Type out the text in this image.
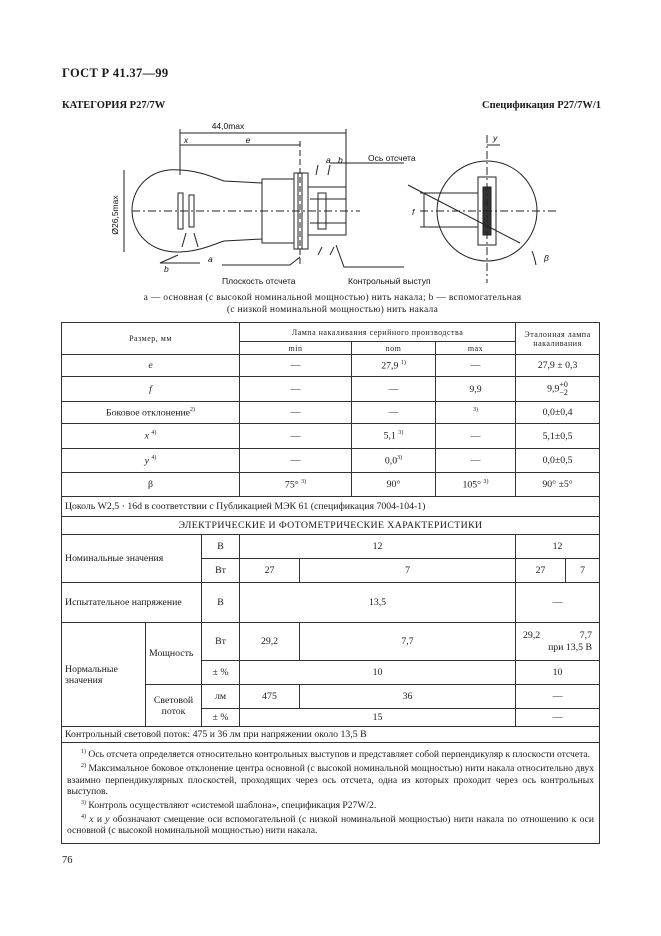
ГОСТ Р 41.37—99
КАТЕГОРИЯ Р27/7W	Спецификация Р27/7W/1
44,0max
x	e
Ø26,5max
a b
b
a
Ось отсчета
Плоскость отсчета	Контрольный выступ
y
f
β
a — основная (с высокой номинальной мощностью) нить накала; b — вспомогательная
(с низкой номинальной мощностью) нить накала
Размер, мм			Лампа накаливания серийного производства				Эталонная лампа накаливания	
			min		nom	max		
e			—		27,9 $^{1)}$	—	27,9 ± 0,3	
f			—		—	9,9	9,9+0
−2	
Боковое отклонение$^{2)}$			—		—	$^{3)}$	0,0±0,4	
x $^{4)}$			—		5,1 $^{3)}$	—	5,1±0,5	
y $^{4)}$			—		0,0$^{3)}$	—	0,0±0,5	
β			75° $^{3)}$		90°	105° $^{3)}$	90° ±5°	
Цоколь W2,5 · 16d в соответствии с Публикацией МЭК 61 (спецификация 7004-104-1)								
ЭЛЕКТРИЧЕСКИЕ И ФОТОМЕТРИЧЕСКИЕ ХАРАКТЕРИСТИКИ								
Номинальные значения		В	12				12	
		Вт	27	7			27	7
Испытательное напряжение		В	13,5				—	
Нормальные значения	Мощность	Вт	29,2	7,7			29,2 7,7
при 13,5 В	

		± %	10				10	
	Световой поток	лм	475	36			—	
		± %	15				—	
Контрольный световой поток: 475 и 36 лм при напряжении около 13,5 В								

$^{1)}$ Ось отсчета определяется относительно контрольных выступов и представляет собой перпендикуляр к плоскости отсчета.
$^{2)}$ Максимальное боковое отклонение центра основной (с высокой номинальной мощностью) нити накала относительно двух взаимно перпендикулярных плоскостей, проходящих через ось отсчета, одна из которых проходит через ось контрольных выступов.
$^{3)}$ Контроль осуществляют «системой шаблона», спецификация Р27W/2.
$^{4)}$ x и y обозначают смещение оси вспомогательной (с низкой номинальной мощностью) нити накала по отношению к оси основной (с высокой номинальной мощностью) нити накала.								
76
